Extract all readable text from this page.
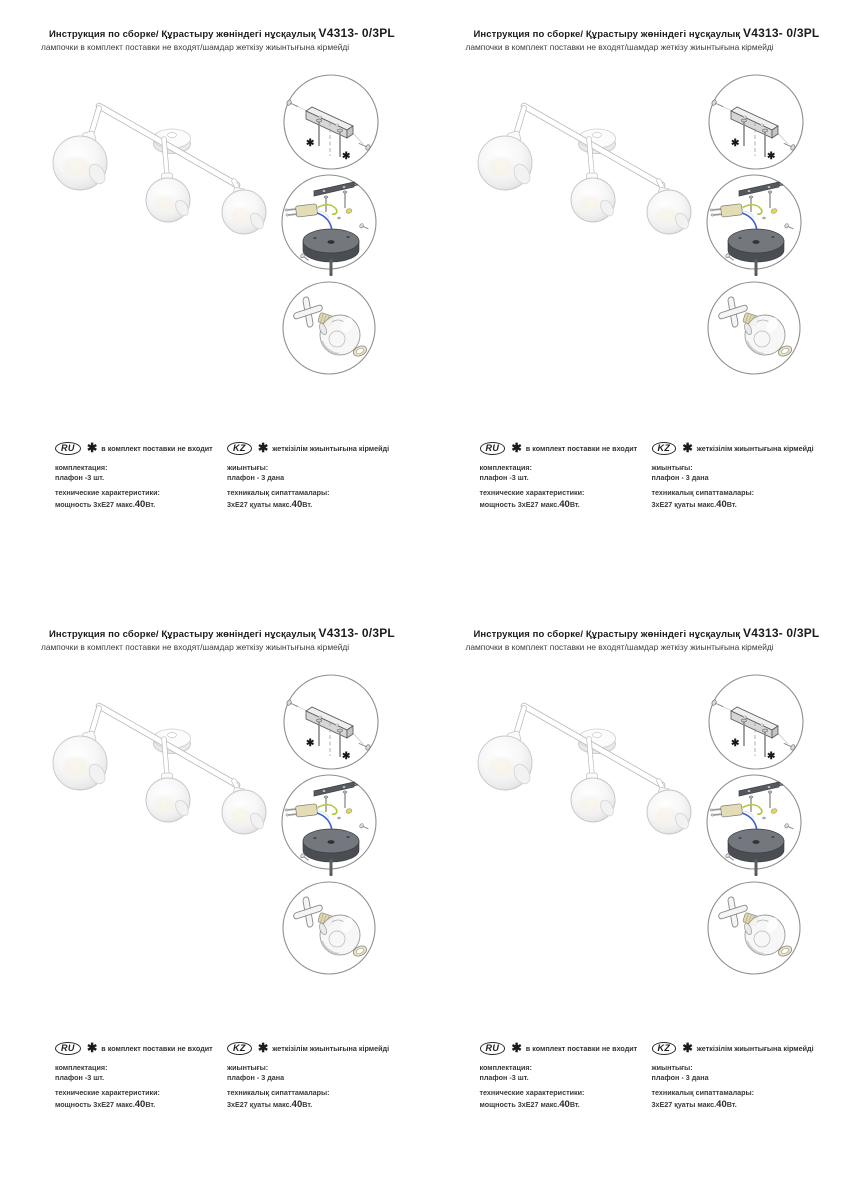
Инструкция по сборке/ Құрастыру жөніндегі нұсқаулық V4313- 0/3PL

лампочки в комплект поставки не входят/шамдар жеткізу жиынтығына кірмейді

✱
✱
RU ✱ в комплект поставки не входит
комплектация:
плафон -3 шт.
технические характеристики:
мощность 3хЕ27 макс.40Вт.
KZ ✱ жеткізілім жиынтығына кірмейді
жиынтығы:
плафон - 3 дана
техникалық сипаттамалары:
3хЕ27 қуаты макс.40Вт.
Инструкция по сборке/ Құрастыру жөніндегі нұсқаулық V4313- 0/3PL

лампочки в комплект поставки не входят/шамдар жеткізу жиынтығына кірмейді

✱
✱
RU ✱ в комплект поставки не входит
комплектация:
плафон -3 шт.
технические характеристики:
мощность 3хЕ27 макс.40Вт.
KZ ✱ жеткізілім жиынтығына кірмейді
жиынтығы:
плафон - 3 дана
техникалық сипаттамалары:
3хЕ27 қуаты макс.40Вт.
Инструкция по сборке/ Құрастыру жөніндегі нұсқаулық V4313- 0/3PL

лампочки в комплект поставки не входят/шамдар жеткізу жиынтығына кірмейді

✱
✱
RU ✱ в комплект поставки не входит
комплектация:
плафон -3 шт.
технические характеристики:
мощность 3хЕ27 макс.40Вт.
KZ ✱ жеткізілім жиынтығына кірмейді
жиынтығы:
плафон - 3 дана
техникалық сипаттамалары:
3хЕ27 қуаты макс.40Вт.
Инструкция по сборке/ Құрастыру жөніндегі нұсқаулық V4313- 0/3PL

лампочки в комплект поставки не входят/шамдар жеткізу жиынтығына кірмейді

✱
✱
RU ✱ в комплект поставки не входит
комплектация:
плафон -3 шт.
технические характеристики:
мощность 3хЕ27 макс.40Вт.
KZ ✱ жеткізілім жиынтығына кірмейді
жиынтығы:
плафон - 3 дана
техникалық сипаттамалары:
3хЕ27 қуаты макс.40Вт.
